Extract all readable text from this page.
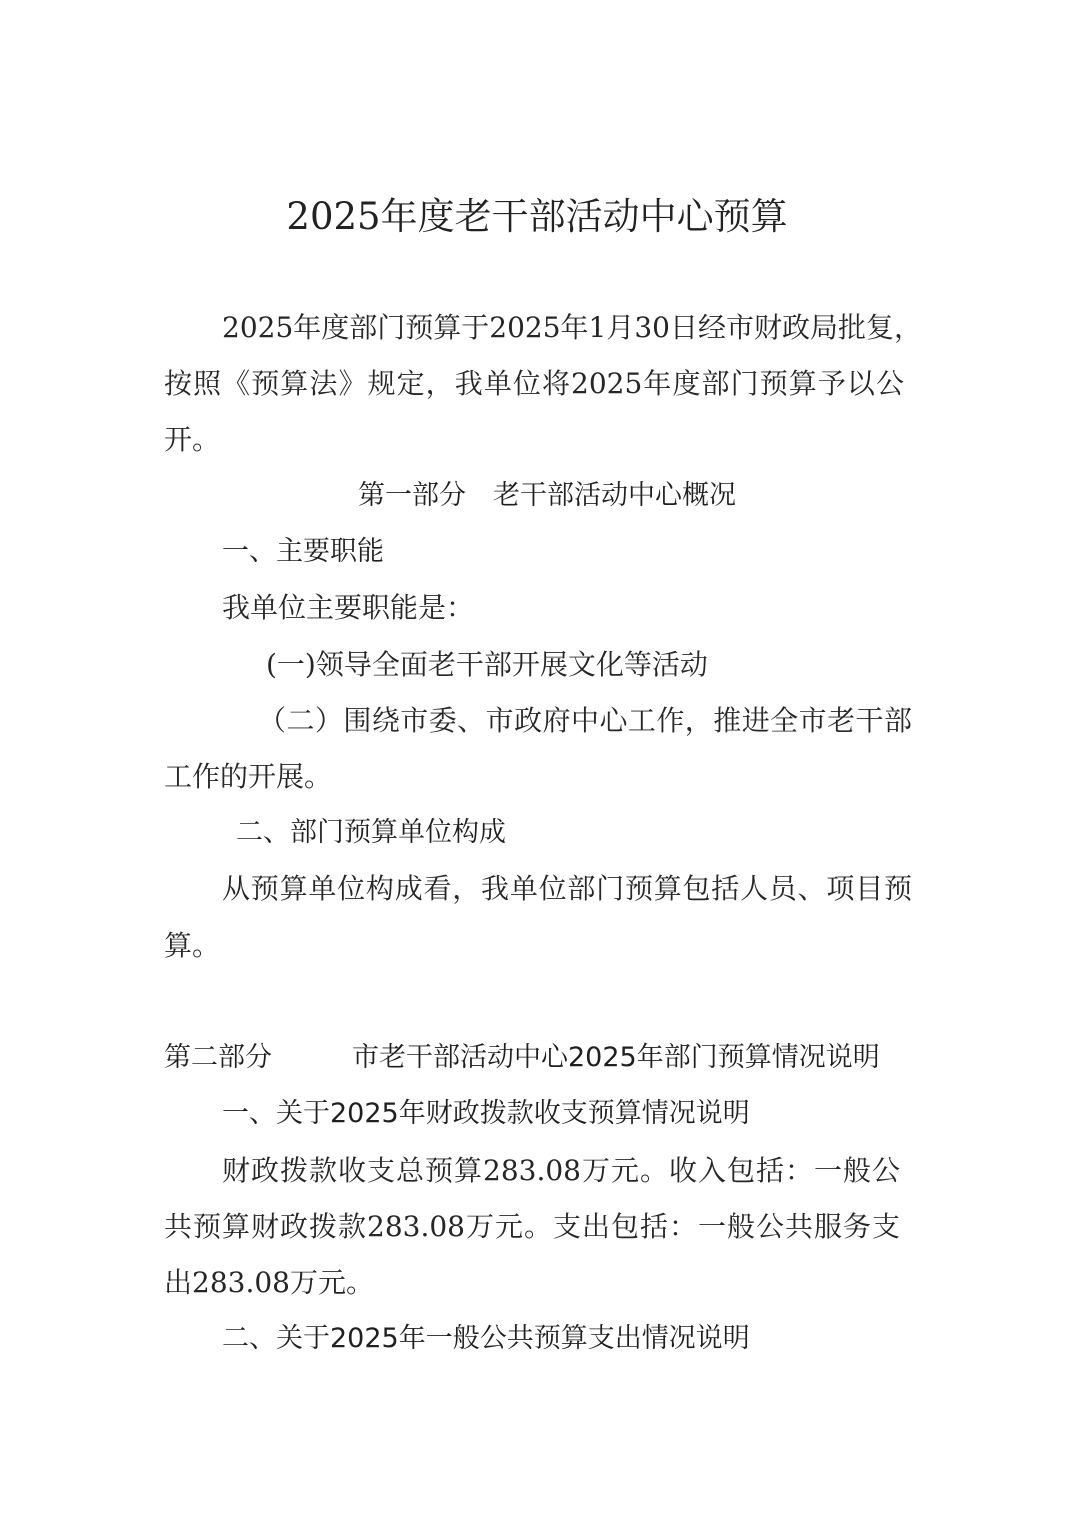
2025年度老干部活动中心预算
2025年度部门预算于2025年1月30日经市财政局批复，
按照《预算法》规定，我单位将2025年度部门预算予以公
开。
第一部分　老干部活动中心概况
一、主要职能
我单位主要职能是：
(一)领导全面老干部开展文化等活动
（二）围绕市委、市政府中心工作，推进全市老干部
工作的开展。
二、部门预算单位构成
从预算单位构成看，我单位部门预算包括人员、项目预
算。
第二部分	市老干部活动中心2025年部门预算情况说明
一、关于2025年财政拨款收支预算情况说明
财政拨款收支总预算283.08万元。收入包括：一般公
共预算财政拨款283.08万元。支出包括：一般公共服务支
出283.08万元。
二、关于2025年一般公共预算支出情况说明
